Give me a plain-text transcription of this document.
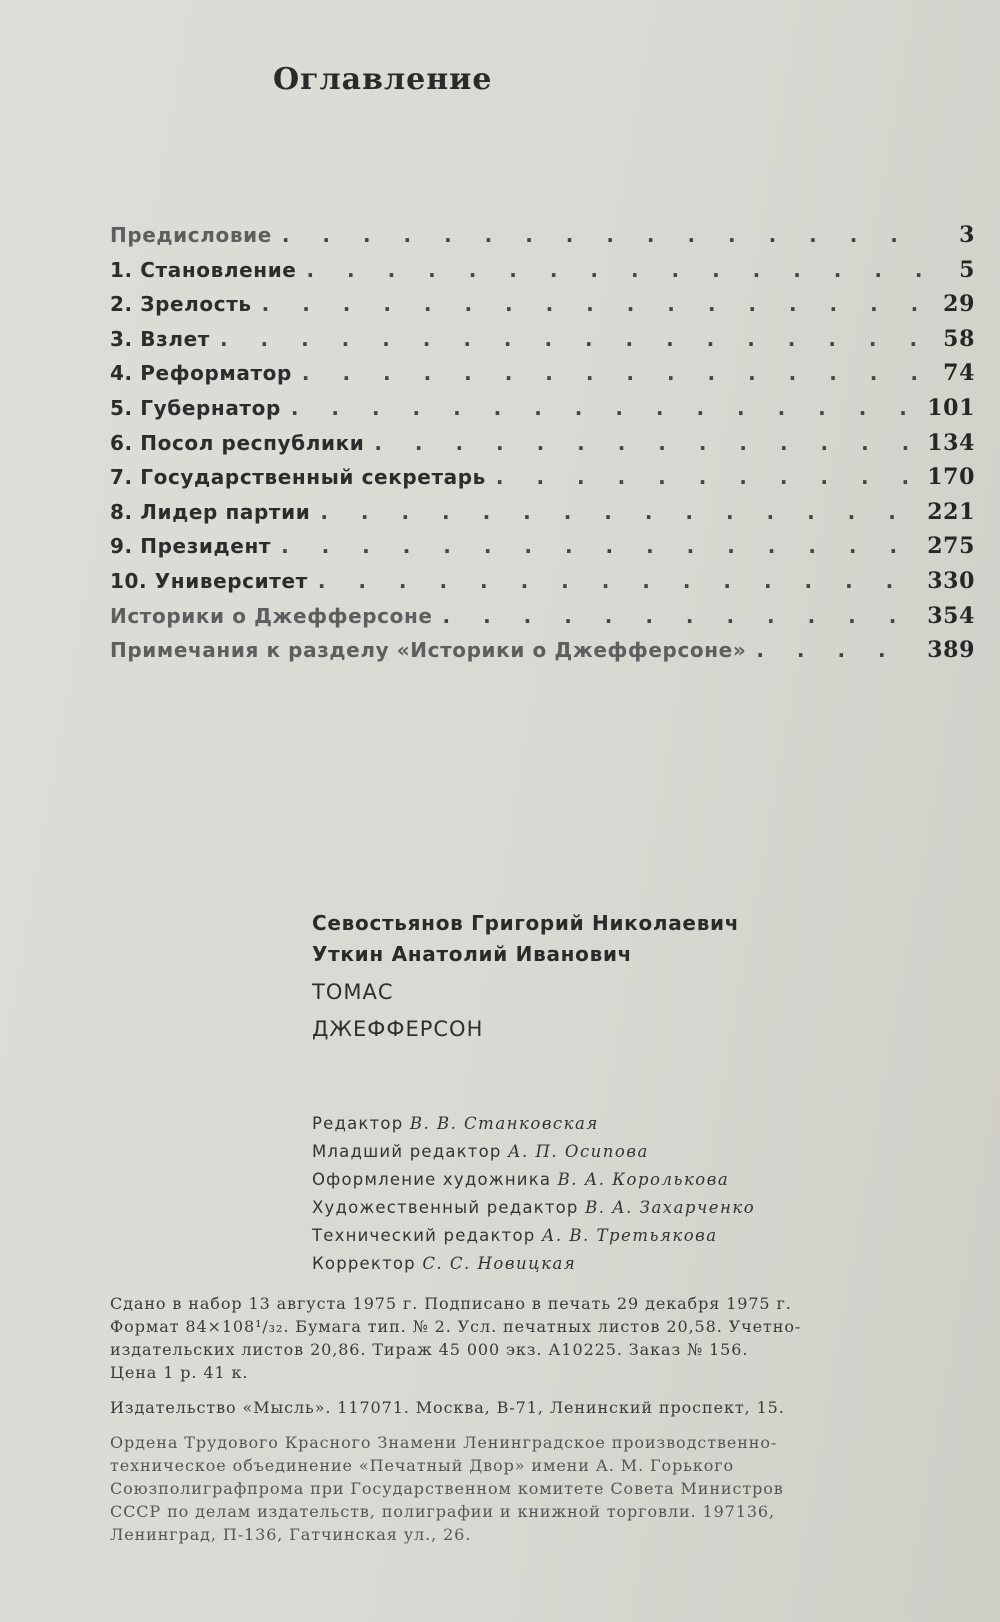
Оглавление
Предисловие . . .	3
1. Становление . . .	5
2. Зрелость . . .	29
3. Взлет . . .	58
4. Реформатор . . .	74
5. Губернатор . . .	101
6. Посол республики . . .	134
7. Государственный секретарь . . .	170
8. Лидер партии . . .	221
9. Президент . . .	275
10. Университет . . .	330
Историки о Джефферсоне . . .	354
Примечания к разделу «Историки о Джефферсоне» . . .	389
Севостьянов Григорий Николаевич
Уткин Анатолий Иванович
ТОМАС
ДЖЕФФЕРСОН
Редактор В. В. Станковская
Младший редактор А. П. Осипова
Оформление художника В. А. Королькова
Художественный редактор В. А. Захарченко
Технический редактор А. В. Третьякова
Корректор С. С. Новицкая
Сдано в набор 13 августа 1975 г. Подписано в печать 29 декабря 1975 г.
Формат 84×108¹/₃₂. Бумага тип. № 2. Усл. печатных листов 20,58. Учетно-
издательских листов 20,86. Тираж 45 000 экз. А10225. Заказ № 156.
Цена 1 р. 41 к.
Издательство «Мысль». 117071. Москва, В-71, Ленинский проспект, 15.
Ордена Трудового Красного Знамени Ленинградское производственно-
техническое объединение «Печатный Двор» имени А. М. Горького
Союзполиграфпрома при Государственном комитете Совета Министров
СССР по делам издательств, полиграфии и книжной торговли. 197136,
Ленинград, П-136, Гатчинская ул., 26.
